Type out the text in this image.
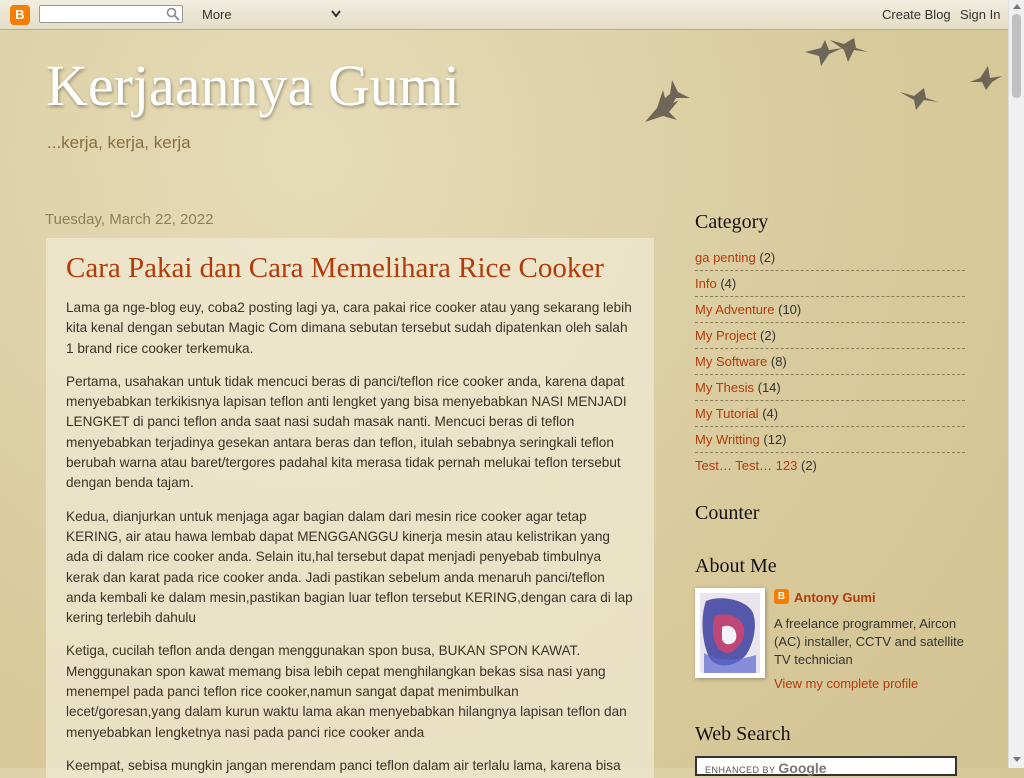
B	More	Create Blog Sign In
Kerjaannya Gumi
...kerja, kerja, kerja
Tuesday, March 22, 2022
Cara Pakai dan Cara Memelihara Rice Cooker

Lama ga nge-blog euy, coba2 posting lagi ya, cara pakai rice cooker atau yang sekarang lebih kita kenal dengan sebutan Magic Com dimana sebutan tersebut sudah dipatenkan oleh salah 1 brand rice cooker terkemuka.

Pertama, usahakan untuk tidak mencuci beras di panci/teflon rice cooker anda, karena dapat menyebabkan terkikisnya lapisan teflon anti lengket yang bisa menyebabkan NASI MENJADI LENGKET di panci teflon anda saat nasi sudah masak nanti. Mencuci beras di teflon menyebabkan terjadinya gesekan antara beras dan teflon, itulah sebabnya seringkali teflon berubah warna atau baret/tergores padahal kita merasa tidak pernah melukai teflon tersebut dengan benda tajam.

Kedua, dianjurkan untuk menjaga agar bagian dalam dari mesin rice cooker agar tetap KERING, air atau hawa lembab dapat MENGGANGGU kinerja mesin atau kelistrikan yang ada di dalam rice cooker anda. Selain itu,hal tersebut dapat menjadi penyebab timbulnya kerak dan karat pada rice cooker anda. Jadi pastikan sebelum anda menaruh panci/teflon anda kembali ke dalam mesin,pastikan bagian luar teflon tersebut KERING,dengan cara di lap kering terlebih dahulu

Ketiga, cucilah teflon anda dengan menggunakan spon busa, BUKAN SPON KAWAT. Menggunakan spon kawat memang bisa lebih cepat menghilangkan bekas sisa nasi yang menempel pada panci teflon rice cooker,namun sangat dapat menimbulkan lecet/goresan,yang dalam kurun waktu lama akan menyebabkan hilangnya lapisan teflon dan menyebabkan lengketnya nasi pada panci rice cooker anda

Keempat, sebisa mungkin jangan merendam panci teflon dalam air terlalu lama, karena bisa

Category
ga penting (2)
Info (4)
My Adventure (10)
My Project (2)
My Software (8)
My Thesis (14)
My Tutorial (4)
My Writting (12)
Test… Test… 123 (2)
Counter
About Me
B Antony Gumi
A freelance programmer, Aircon (AC) installer, CCTV and satellite TV technician
View my complete profile
Web Search
ENHANCED BY Google
